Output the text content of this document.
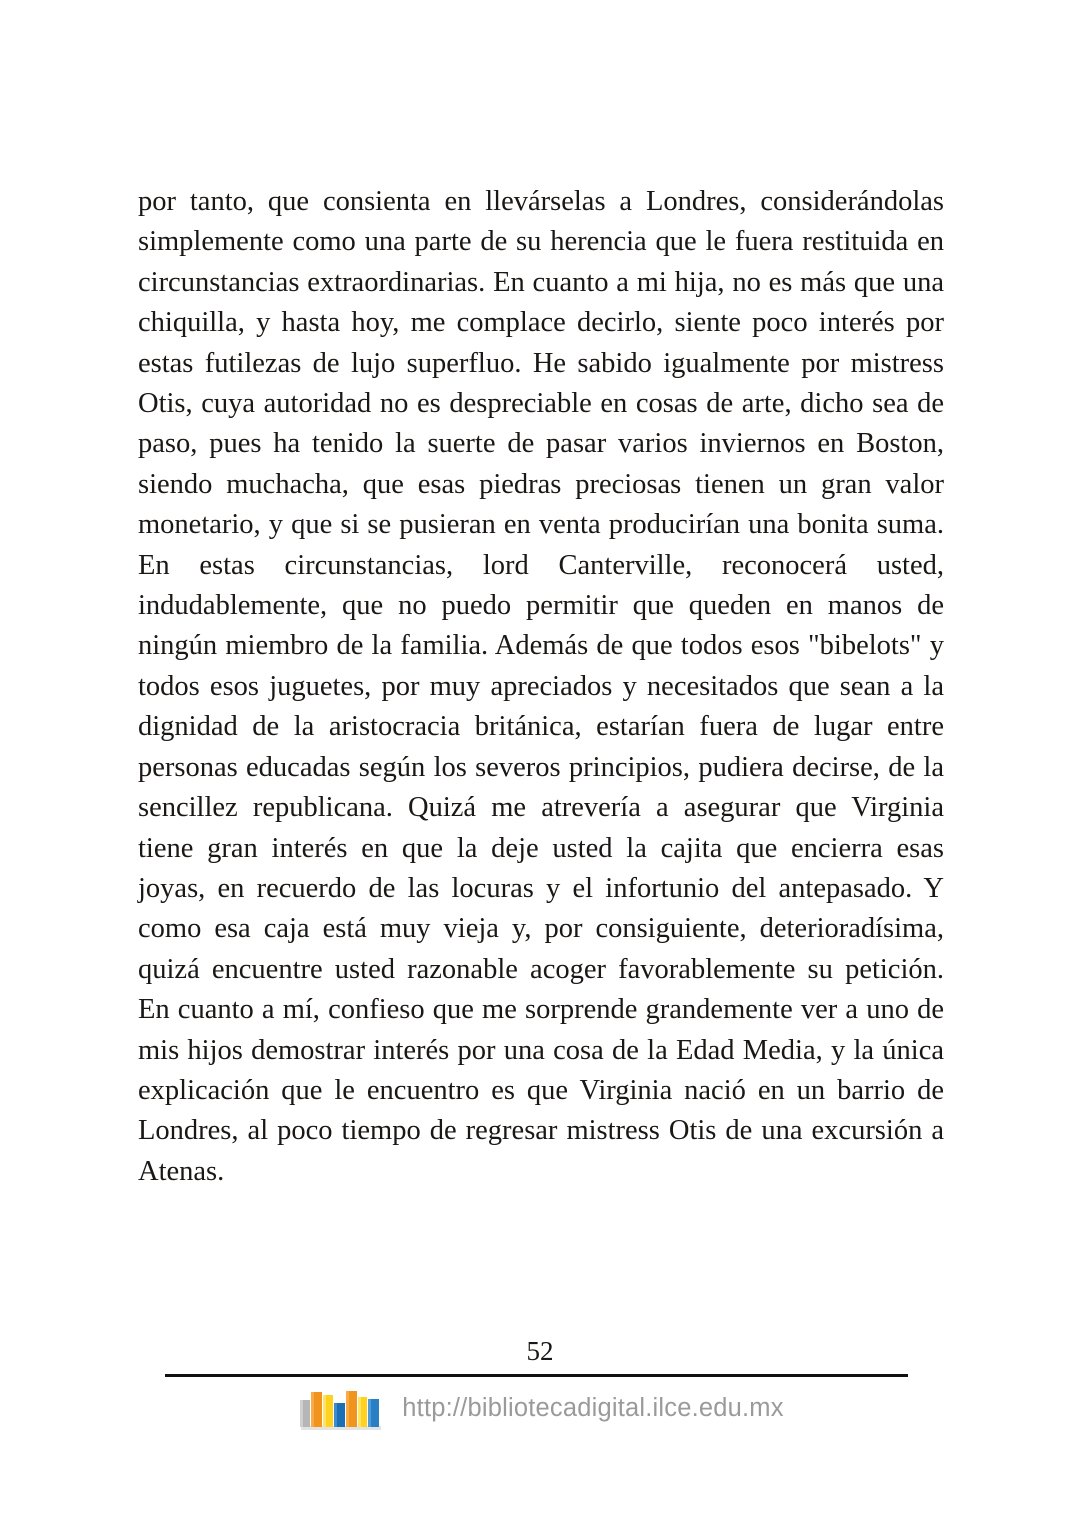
por tanto, que consienta en llevárselas a Londres, considerándolas simplemente como una parte de su herencia que le fuera restituida en circunstancias extraordinarias. En cuanto a mi hija, no es más que una chiquilla, y hasta hoy, me complace decirlo, siente poco interés por estas futilezas de lujo superfluo. He sabido igualmente por mistress Otis, cuya autoridad no es despreciable en cosas de arte, dicho sea de paso, pues ha tenido la suerte de pasar varios inviernos en Boston, siendo muchacha, que esas piedras preciosas tienen un gran valor monetario, y que si se pusieran en venta producirían una bonita suma. En estas circunstancias, lord Canterville, reconocerá usted, indudablemente, que no puedo permitir que queden en manos de ningún miembro de la familia. Además de que todos esos "bibelots" y todos esos juguetes, por muy apreciados y necesitados que sean a la dignidad de la aristocracia británica, estarían fuera de lugar entre personas educadas según los severos principios, pudiera decirse, de la sencillez republicana. Quizá me atrevería a asegurar que Virginia tiene gran interés en que la deje usted la cajita que encierra esas joyas, en recuerdo de las locuras y el infortunio del antepasado. Y como esa caja está muy vieja y, por consiguiente, deterioradísima, quizá encuentre usted razonable acoger favorablemente su petición. En cuanto a mí, confieso que me sorprende grandemente ver a uno de mis hijos demostrar interés por una cosa de la Edad Media, y la única explicación que le encuentro es que Virginia nació en un barrio de Londres, al poco tiempo de regresar mistress Otis de una excursión a Atenas.

52
http://bibliotecadigital.ilce.edu.mx
